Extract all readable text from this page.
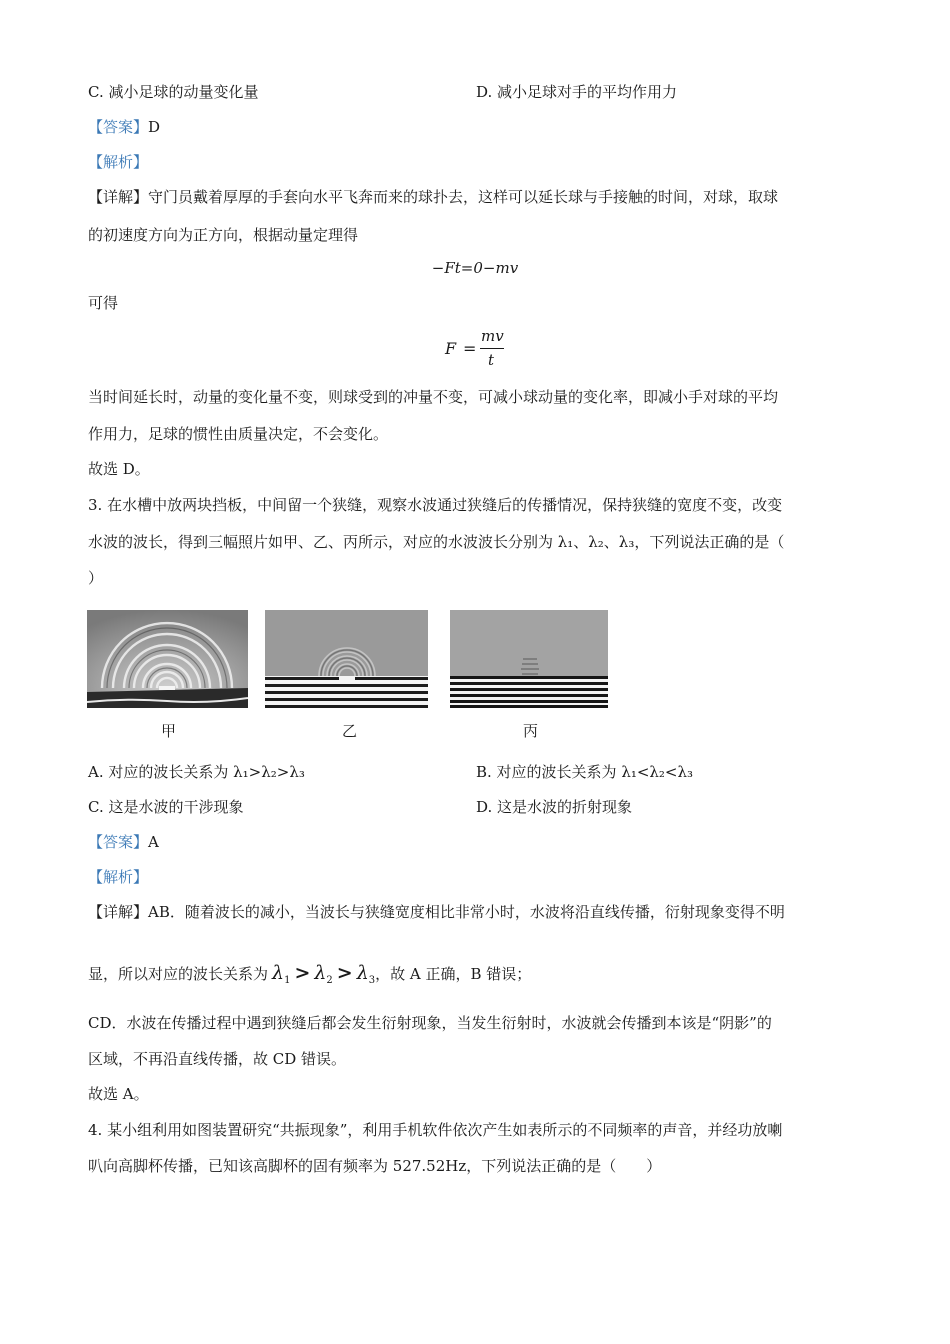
C. 减小足球的动量变化量	D. 减小足球对手的平均作用力
【答案】D
【解析】
【详解】守门员戴着厚厚的手套向水平飞奔而来的球扑去，这样可以延长球与手接触的时间，对球，取球
的初速度方向为正方向，根据动量定理得
−Ft=0−mv
可得
F =
mv
t
当时间延长时，动量的变化量不变，则球受到的冲量不变，可减小球动量的变化率，即减小手对球的平均
作用力，足球的惯性由质量决定，不会变化。
故选 D。
3. 在水槽中放两块挡板，中间留一个狭缝，观察水波通过狭缝后的传播情况，保持狭缝的宽度不变，改变
水波的波长，得到三幅照片如甲、乙、丙所示，对应的水波波长分别为 λ₁、λ₂、λ₃，下列说法正确的是（
）
甲	乙	丙
A. 对应的波长关系为 λ₁>λ₂>λ₃	B. 对应的波长关系为 λ₁<λ₂<λ₃
C. 这是水波的干涉现象	D. 这是水波的折射现象
【答案】A
【解析】
【详解】AB．随着波长的减小，当波长与狭缝宽度相比非常小时，水波将沿直线传播，衍射现象变得不明
显，所以对应的波长关系为 $\lambda_1 > \lambda_2 > \lambda_3$，故 A 正确，B 错误；
CD．水波在传播过程中遇到狭缝后都会发生衍射现象，当发生衍射时，水波就会传播到本该是“阴影”的
区域，不再沿直线传播，故 CD 错误。
故选 A。
4. 某小组利用如图装置研究“共振现象”，利用手机软件依次产生如表所示的不同频率的声音，并经功放喇
叭向高脚杯传播，已知该高脚杯的固有频率为 527.52Hz，下列说法正确的是（　　）
